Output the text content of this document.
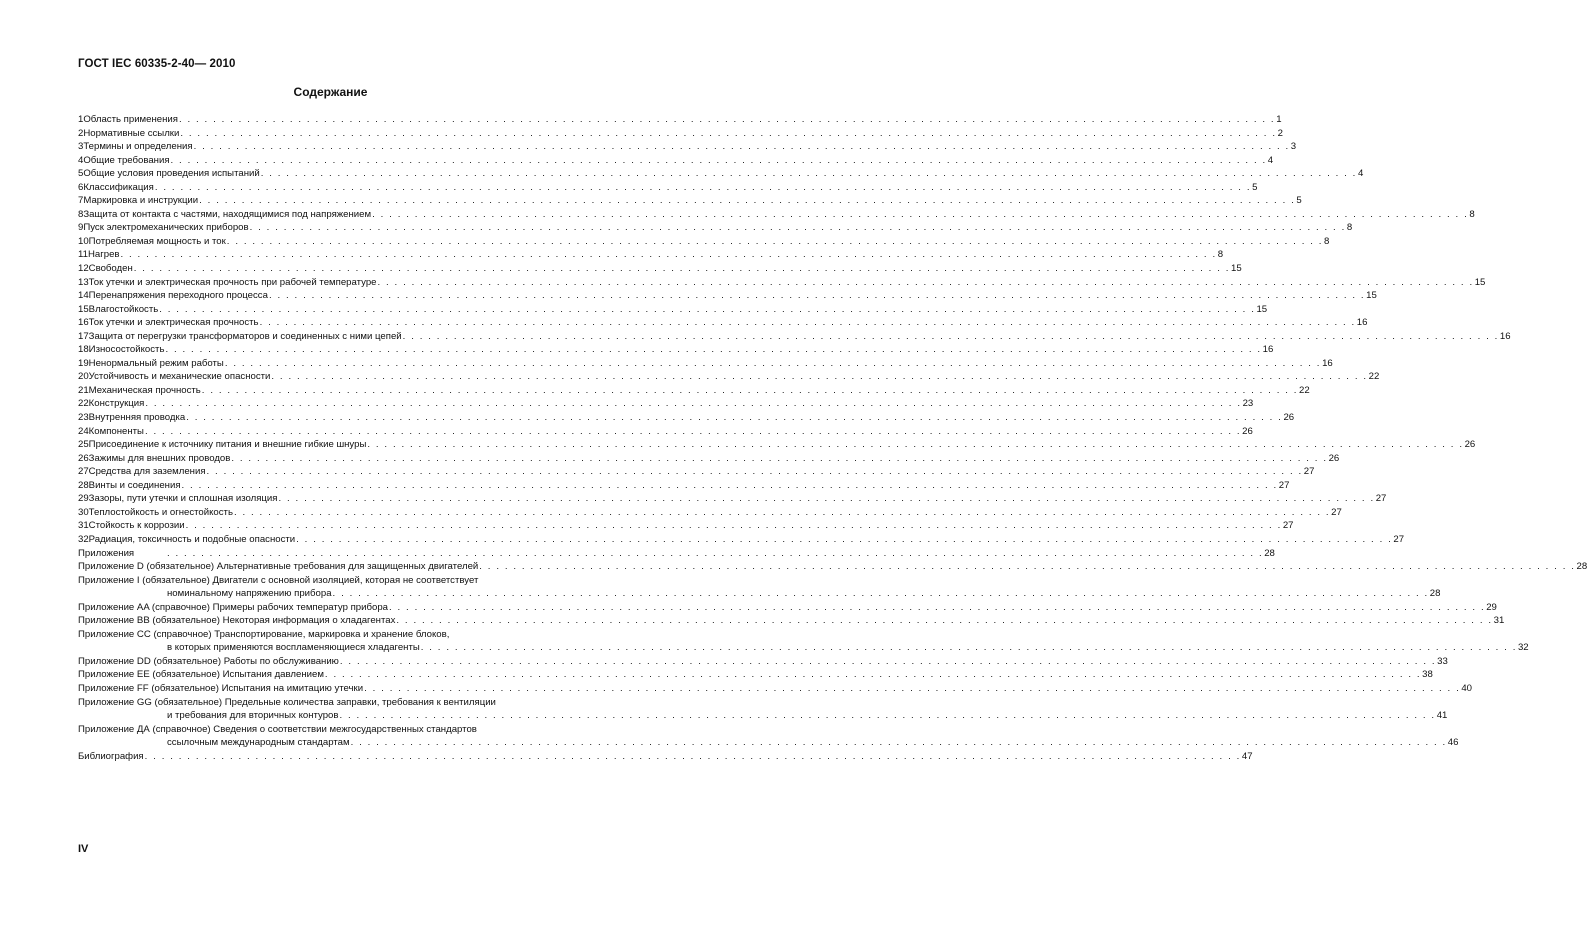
ГОСТ IEC 60335-2-40— 2010
Содержание
1 Область применения . . . . . . . . . . . . . . . . . . . . . . . . . . . . . . . . . . . . . . . . . . . . . . . . . . . . . . . . . . . . . . . . . . . . . . . . . . . . . . . . . . . . . . . . . . . . . . . . . . . . . . . . . . . . . . . . . . . . . . . . . . . . . . . . . 1
2 Нормативные ссылки . . . . . . . . . . . . . . . . . . . . . . . . . . . . . . . . . . . . . . . . . . . . . . . . . . . . . . . . . . . . . . . . . . . . . . . . . . . . . . . . . . . . . . . . . . . . . . . . . . . . . . . . . . . . . . . . . . . . . . . . . . . . . . . . . 2
3 Термины и определения . . . . . . . . . . . . . . . . . . . . . . . . . . . . . . . . . . . . . . . . . . . . . . . . . . . . . . . . . . . . . . . . . . . . . . . . . . . . . . . . . . . . . . . . . . . . . . . . . . . . . . . . . . . . . . . . . . . . . . . . . . . . . . . . . 3
4 Общие требования . . . . . . . . . . . . . . . . . . . . . . . . . . . . . . . . . . . . . . . . . . . . . . . . . . . . . . . . . . . . . . . . . . . . . . . . . . . . . . . . . . . . . . . . . . . . . . . . . . . . . . . . . . . . . . . . . . . . . . . . . . . . . . . . . 4
5 Общие условия проведения испытаний . . . . . . . . . . . . . . . . . . . . . . . . . . . . . . . . . . . . . . . . . . . . . . . . . . . . . . . . . . . . . . . . . . . . . . . . . . . . . . . . . . . . . . . . . . . . . . . . . . . . . . . . . . . . . . . . . . . . . . . . . . . . . . . . . 4
6 Классификация . . . . . . . . . . . . . . . . . . . . . . . . . . . . . . . . . . . . . . . . . . . . . . . . . . . . . . . . . . . . . . . . . . . . . . . . . . . . . . . . . . . . . . . . . . . . . . . . . . . . . . . . . . . . . . . . . . . . . . . . . . . . . . . . . 5
7 Маркировка и инструкции . . . . . . . . . . . . . . . . . . . . . . . . . . . . . . . . . . . . . . . . . . . . . . . . . . . . . . . . . . . . . . . . . . . . . . . . . . . . . . . . . . . . . . . . . . . . . . . . . . . . . . . . . . . . . . . . . . . . . . . . . . . . . . . . . 5
8 Защита от контакта с частями, находящимися под напряжением . . . . . . . . . . . . . . . . . . . . . . . . . . . . . . . . . . . . . . . . . . . . . . . . . . . . . . . . . . . . . . . . . . . . . . . . . . . . . . . . . . . . . . . . . . . . . . . . . . . . . . . . . . . . . . . . . . . . . . . . . . . . . . . . . 8
9 Пуск электромеханических приборов . . . . . . . . . . . . . . . . . . . . . . . . . . . . . . . . . . . . . . . . . . . . . . . . . . . . . . . . . . . . . . . . . . . . . . . . . . . . . . . . . . . . . . . . . . . . . . . . . . . . . . . . . . . . . . . . . . . . . . . . . . . . . . . . . 8
10 Потребляемая мощность и ток . . . . . . . . . . . . . . . . . . . . . . . . . . . . . . . . . . . . . . . . . . . . . . . . . . . . . . . . . . . . . . . . . . . . . . . . . . . . . . . . . . . . . . . . . . . . . . . . . . . . . . . . . . . . . . . . . . . . . . . . . . . . . . . . . 8
11 Нагрев . . . . . . . . . . . . . . . . . . . . . . . . . . . . . . . . . . . . . . . . . . . . . . . . . . . . . . . . . . . . . . . . . . . . . . . . . . . . . . . . . . . . . . . . . . . . . . . . . . . . . . . . . . . . . . . . . . . . . . . . . . . . . . . . . 8
12 Свободен . . . . . . . . . . . . . . . . . . . . . . . . . . . . . . . . . . . . . . . . . . . . . . . . . . . . . . . . . . . . . . . . . . . . . . . . . . . . . . . . . . . . . . . . . . . . . . . . . . . . . . . . . . . . . . . . . . . . . . . . . . . . . . . . . 15
13 Ток утечки и электрическая прочность при рабочей температуре . . . . . . . . . . . . . . . . . . . . . . . . . . . . . . . . . . . . . . . . . . . . . . . . . . . . . . . . . . . . . . . . . . . . . . . . . . . . . . . . . . . . . . . . . . . . . . . . . . . . . . . . . . . . . . . . . . . . . . . . . . . . . . . . . 15
14 Перенапряжения переходного процесса . . . . . . . . . . . . . . . . . . . . . . . . . . . . . . . . . . . . . . . . . . . . . . . . . . . . . . . . . . . . . . . . . . . . . . . . . . . . . . . . . . . . . . . . . . . . . . . . . . . . . . . . . . . . . . . . . . . . . . . . . . . . . . . . . 15
15 Влагостойкость . . . . . . . . . . . . . . . . . . . . . . . . . . . . . . . . . . . . . . . . . . . . . . . . . . . . . . . . . . . . . . . . . . . . . . . . . . . . . . . . . . . . . . . . . . . . . . . . . . . . . . . . . . . . . . . . . . . . . . . . . . . . . . . . . 15
16 Ток утечки и электрическая прочность . . . . . . . . . . . . . . . . . . . . . . . . . . . . . . . . . . . . . . . . . . . . . . . . . . . . . . . . . . . . . . . . . . . . . . . . . . . . . . . . . . . . . . . . . . . . . . . . . . . . . . . . . . . . . . . . . . . . . . . . . . . . . . . . . 16
17 Защита от перегрузки трансформаторов и соединенных с ними цепей . . . . . . . . . . . . . . . . . . . . . . . . . . . . . . . . . . . . . . . . . . . . . . . . . . . . . . . . . . . . . . . . . . . . . . . . . . . . . . . . . . . . . . . . . . . . . . . . . . . . . . . . . . . . . . . . . . . . . . . . . . . . . . . . . 16
18 Износостойкость . . . . . . . . . . . . . . . . . . . . . . . . . . . . . . . . . . . . . . . . . . . . . . . . . . . . . . . . . . . . . . . . . . . . . . . . . . . . . . . . . . . . . . . . . . . . . . . . . . . . . . . . . . . . . . . . . . . . . . . . . . . . . . . . . 16
19 Ненормальный режим работы . . . . . . . . . . . . . . . . . . . . . . . . . . . . . . . . . . . . . . . . . . . . . . . . . . . . . . . . . . . . . . . . . . . . . . . . . . . . . . . . . . . . . . . . . . . . . . . . . . . . . . . . . . . . . . . . . . . . . . . . . . . . . . . . . 16
20 Устойчивость и механические опасности . . . . . . . . . . . . . . . . . . . . . . . . . . . . . . . . . . . . . . . . . . . . . . . . . . . . . . . . . . . . . . . . . . . . . . . . . . . . . . . . . . . . . . . . . . . . . . . . . . . . . . . . . . . . . . . . . . . . . . . . . . . . . . . . . 22
21 Механическая прочность . . . . . . . . . . . . . . . . . . . . . . . . . . . . . . . . . . . . . . . . . . . . . . . . . . . . . . . . . . . . . . . . . . . . . . . . . . . . . . . . . . . . . . . . . . . . . . . . . . . . . . . . . . . . . . . . . . . . . . . . . . . . . . . . . 22
22 Конструкция . . . . . . . . . . . . . . . . . . . . . . . . . . . . . . . . . . . . . . . . . . . . . . . . . . . . . . . . . . . . . . . . . . . . . . . . . . . . . . . . . . . . . . . . . . . . . . . . . . . . . . . . . . . . . . . . . . . . . . . . . . . . . . . . . 23
23 Внутренняя проводка . . . . . . . . . . . . . . . . . . . . . . . . . . . . . . . . . . . . . . . . . . . . . . . . . . . . . . . . . . . . . . . . . . . . . . . . . . . . . . . . . . . . . . . . . . . . . . . . . . . . . . . . . . . . . . . . . . . . . . . . . . . . . . . . . 26
24 Компоненты . . . . . . . . . . . . . . . . . . . . . . . . . . . . . . . . . . . . . . . . . . . . . . . . . . . . . . . . . . . . . . . . . . . . . . . . . . . . . . . . . . . . . . . . . . . . . . . . . . . . . . . . . . . . . . . . . . . . . . . . . . . . . . . . . 26
25 Присоединение к источнику питания и внешние гибкие шнуры . . . . . . . . . . . . . . . . . . . . . . . . . . . . . . . . . . . . . . . . . . . . . . . . . . . . . . . . . . . . . . . . . . . . . . . . . . . . . . . . . . . . . . . . . . . . . . . . . . . . . . . . . . . . . . . . . . . . . . . . . . . . . . . . . 26
26 Зажимы для внешних проводов . . . . . . . . . . . . . . . . . . . . . . . . . . . . . . . . . . . . . . . . . . . . . . . . . . . . . . . . . . . . . . . . . . . . . . . . . . . . . . . . . . . . . . . . . . . . . . . . . . . . . . . . . . . . . . . . . . . . . . . . . . . . . . . . . 26
27 Средства для заземления . . . . . . . . . . . . . . . . . . . . . . . . . . . . . . . . . . . . . . . . . . . . . . . . . . . . . . . . . . . . . . . . . . . . . . . . . . . . . . . . . . . . . . . . . . . . . . . . . . . . . . . . . . . . . . . . . . . . . . . . . . . . . . . . . 27
28 Винты и соединения . . . . . . . . . . . . . . . . . . . . . . . . . . . . . . . . . . . . . . . . . . . . . . . . . . . . . . . . . . . . . . . . . . . . . . . . . . . . . . . . . . . . . . . . . . . . . . . . . . . . . . . . . . . . . . . . . . . . . . . . . . . . . . . . . 27
29 Зазоры, пути утечки и сплошная изоляция . . . . . . . . . . . . . . . . . . . . . . . . . . . . . . . . . . . . . . . . . . . . . . . . . . . . . . . . . . . . . . . . . . . . . . . . . . . . . . . . . . . . . . . . . . . . . . . . . . . . . . . . . . . . . . . . . . . . . . . . . . . . . . . . . 27
30 Теплостойкость и огнестойкость . . . . . . . . . . . . . . . . . . . . . . . . . . . . . . . . . . . . . . . . . . . . . . . . . . . . . . . . . . . . . . . . . . . . . . . . . . . . . . . . . . . . . . . . . . . . . . . . . . . . . . . . . . . . . . . . . . . . . . . . . . . . . . . . . 27
31 Стойкость к коррозии . . . . . . . . . . . . . . . . . . . . . . . . . . . . . . . . . . . . . . . . . . . . . . . . . . . . . . . . . . . . . . . . . . . . . . . . . . . . . . . . . . . . . . . . . . . . . . . . . . . . . . . . . . . . . . . . . . . . . . . . . . . . . . . . . 27
32 Радиация, токсичность и подобные опасности . . . . . . . . . . . . . . . . . . . . . . . . . . . . . . . . . . . . . . . . . . . . . . . . . . . . . . . . . . . . . . . . . . . . . . . . . . . . . . . . . . . . . . . . . . . . . . . . . . . . . . . . . . . . . . . . . . . . . . . . . . . . . . . . . 27
Приложения	. . . . . . . . . . . . . . . . . . . . . . . . . . . . . . . . . . . . . . . . . . . . . . . . . . . . . . . . . . . . . . . . . . . . . . . . . . . . . . . . . . . . . . . . . . . . . . . . . . . . . . . . . . . . . . . . . . . . . . . . . . . . . . . . . 28
Приложение D (обязательное) Альтернативные требования для защищенных двигателей . . . . . . . . . . . . . . . . . . . . . . . . . . . . . . . . . . . . . . . . . . . . . . . . . . . . . . . . . . . . . . . . . . . . . . . . . . . . . . . . . . . . . . . . . . . . . . . . . . . . . . . . . . . . . . . . . . . . . . . . . . . . . . . . . 28
Приложение I (обязательное) Двигатели с основной изоляцией, которая не соответствует
номинальному напряжению прибора . . . . . . . . . . . . . . . . . . . . . . . . . . . . . . . . . . . . . . . . . . . . . . . . . . . . . . . . . . . . . . . . . . . . . . . . . . . . . . . . . . . . . . . . . . . . . . . . . . . . . . . . . . . . . . . . . . . . . . . . . . . . . . . . . 28
Приложение AA (справочное) Примеры рабочих температур прибора . . . . . . . . . . . . . . . . . . . . . . . . . . . . . . . . . . . . . . . . . . . . . . . . . . . . . . . . . . . . . . . . . . . . . . . . . . . . . . . . . . . . . . . . . . . . . . . . . . . . . . . . . . . . . . . . . . . . . . . . . . . . . . . . . 29
Приложение BB (обязательное) Некоторая информация о хладагентах . . . . . . . . . . . . . . . . . . . . . . . . . . . . . . . . . . . . . . . . . . . . . . . . . . . . . . . . . . . . . . . . . . . . . . . . . . . . . . . . . . . . . . . . . . . . . . . . . . . . . . . . . . . . . . . . . . . . . . . . . . . . . . . . . 31
Приложение CC (справочное) Транспортирование, маркировка и хранение блоков,
в которых применяются воспламеняющиеся хладагенты . . . . . . . . . . . . . . . . . . . . . . . . . . . . . . . . . . . . . . . . . . . . . . . . . . . . . . . . . . . . . . . . . . . . . . . . . . . . . . . . . . . . . . . . . . . . . . . . . . . . . . . . . . . . . . . . . . . . . . . . . . . . . . . . . 32
Приложение DD (обязательное) Работы по обслуживанию . . . . . . . . . . . . . . . . . . . . . . . . . . . . . . . . . . . . . . . . . . . . . . . . . . . . . . . . . . . . . . . . . . . . . . . . . . . . . . . . . . . . . . . . . . . . . . . . . . . . . . . . . . . . . . . . . . . . . . . . . . . . . . . . . 33
Приложение EE (обязательное) Испытания давлением . . . . . . . . . . . . . . . . . . . . . . . . . . . . . . . . . . . . . . . . . . . . . . . . . . . . . . . . . . . . . . . . . . . . . . . . . . . . . . . . . . . . . . . . . . . . . . . . . . . . . . . . . . . . . . . . . . . . . . . . . . . . . . . . . 38
Приложение FF (обязательное) Испытания на имитацию утечки . . . . . . . . . . . . . . . . . . . . . . . . . . . . . . . . . . . . . . . . . . . . . . . . . . . . . . . . . . . . . . . . . . . . . . . . . . . . . . . . . . . . . . . . . . . . . . . . . . . . . . . . . . . . . . . . . . . . . . . . . . . . . . . . . 40
Приложение GG (обязательное) Предельные количества заправки, требования к вентиляции
и требования для вторичных контуров . . . . . . . . . . . . . . . . . . . . . . . . . . . . . . . . . . . . . . . . . . . . . . . . . . . . . . . . . . . . . . . . . . . . . . . . . . . . . . . . . . . . . . . . . . . . . . . . . . . . . . . . . . . . . . . . . . . . . . . . . . . . . . . . . 41
Приложение ДА (справочное) Сведения о соответствии межгосударственных стандартов
ссылочным международным стандартам . . . . . . . . . . . . . . . . . . . . . . . . . . . . . . . . . . . . . . . . . . . . . . . . . . . . . . . . . . . . . . . . . . . . . . . . . . . . . . . . . . . . . . . . . . . . . . . . . . . . . . . . . . . . . . . . . . . . . . . . . . . . . . . . . 46
Библиография . . . . . . . . . . . . . . . . . . . . . . . . . . . . . . . . . . . . . . . . . . . . . . . . . . . . . . . . . . . . . . . . . . . . . . . . . . . . . . . . . . . . . . . . . . . . . . . . . . . . . . . . . . . . . . . . . . . . . . . . . . . . . . . . . 47
IV
